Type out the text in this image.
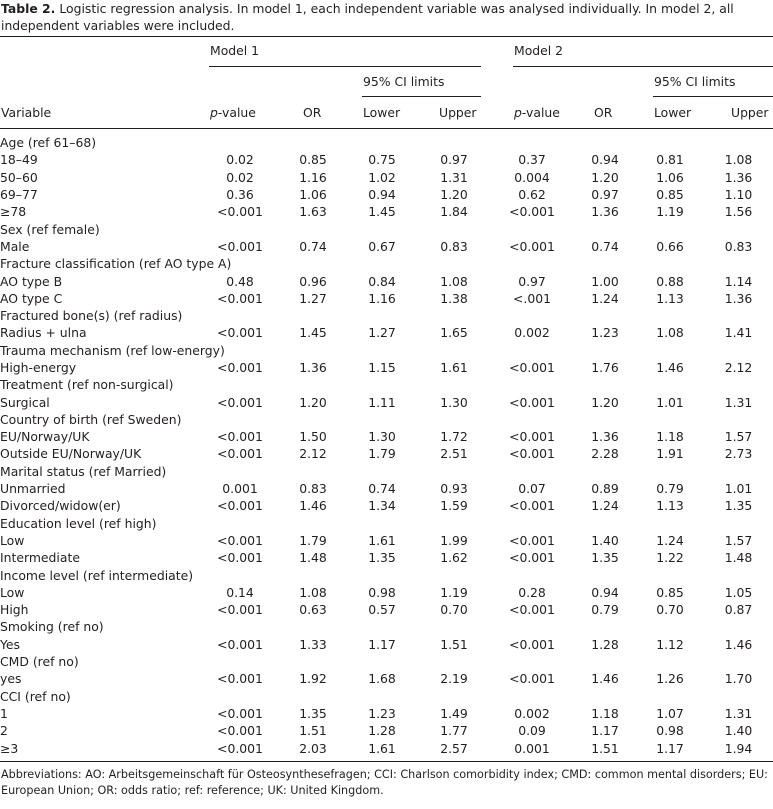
Table 2. Logistic regression analysis. In model 1, each independent variable was analysed individually. In model 2, all independent variables were included.
Model 1	Model 2
95% CI limits	95% CI limits
Variable	p-value	OR	Lower	Upper	p-value	OR	Lower	Upper
Age (ref 61–68)								
18–49	0.02	0.85	0.75	0.97	0.37	0.94	0.81	1.08
50–60	0.02	1.16	1.02	1.31	0.004	1.20	1.06	1.36
69–77	0.36	1.06	0.94	1.20	0.62	0.97	0.85	1.10
≥78	<0.001	1.63	1.45	1.84	<0.001	1.36	1.19	1.56
Sex (ref female)								
Male	<0.001	0.74	0.67	0.83	<0.001	0.74	0.66	0.83
Fracture classification (ref AO type A)								
AO type B	0.48	0.96	0.84	1.08	0.97	1.00	0.88	1.14
AO type C	<0.001	1.27	1.16	1.38	<.001	1.24	1.13	1.36
Fractured bone(s) (ref radius)								
Radius + ulna	<0.001	1.45	1.27	1.65	0.002	1.23	1.08	1.41
Trauma mechanism (ref low-energy)								
High-energy	<0.001	1.36	1.15	1.61	<0.001	1.76	1.46	2.12
Treatment (ref non-surgical)								
Surgical	<0.001	1.20	1.11	1.30	<0.001	1.20	1.01	1.31
Country of birth (ref Sweden)								
EU/Norway/UK	<0.001	1.50	1.30	1.72	<0.001	1.36	1.18	1.57
Outside EU/Norway/UK	<0.001	2.12	1.79	2.51	<0.001	2.28	1.91	2.73
Marital status (ref Married)								
Unmarried	0.001	0.83	0.74	0.93	0.07	0.89	0.79	1.01
Divorced/widow(er)	<0.001	1.46	1.34	1.59	<0.001	1.24	1.13	1.35
Education level (ref high)								
Low	<0.001	1.79	1.61	1.99	<0.001	1.40	1.24	1.57
Intermediate	<0.001	1.48	1.35	1.62	<0.001	1.35	1.22	1.48
Income level (ref intermediate)								
Low	0.14	1.08	0.98	1.19	0.28	0.94	0.85	1.05
High	<0.001	0.63	0.57	0.70	<0.001	0.79	0.70	0.87
Smoking (ref no)								
Yes	<0.001	1.33	1.17	1.51	<0.001	1.28	1.12	1.46
CMD (ref no)								
yes	<0.001	1.92	1.68	2.19	<0.001	1.46	1.26	1.70
CCI (ref no)								
1	<0.001	1.35	1.23	1.49	0.002	1.18	1.07	1.31
2	<0.001	1.51	1.28	1.77	0.09	1.17	0.98	1.40
≥3	<0.001	2.03	1.61	2.57	0.001	1.51	1.17	1.94
Abbreviations: AO: Arbeitsgemeinschaft für Osteosynthesefragen; CCI: Charlson comorbidity index; CMD: common mental disorders; EU: European Union; OR: odds ratio; ref: reference; UK: United Kingdom.
